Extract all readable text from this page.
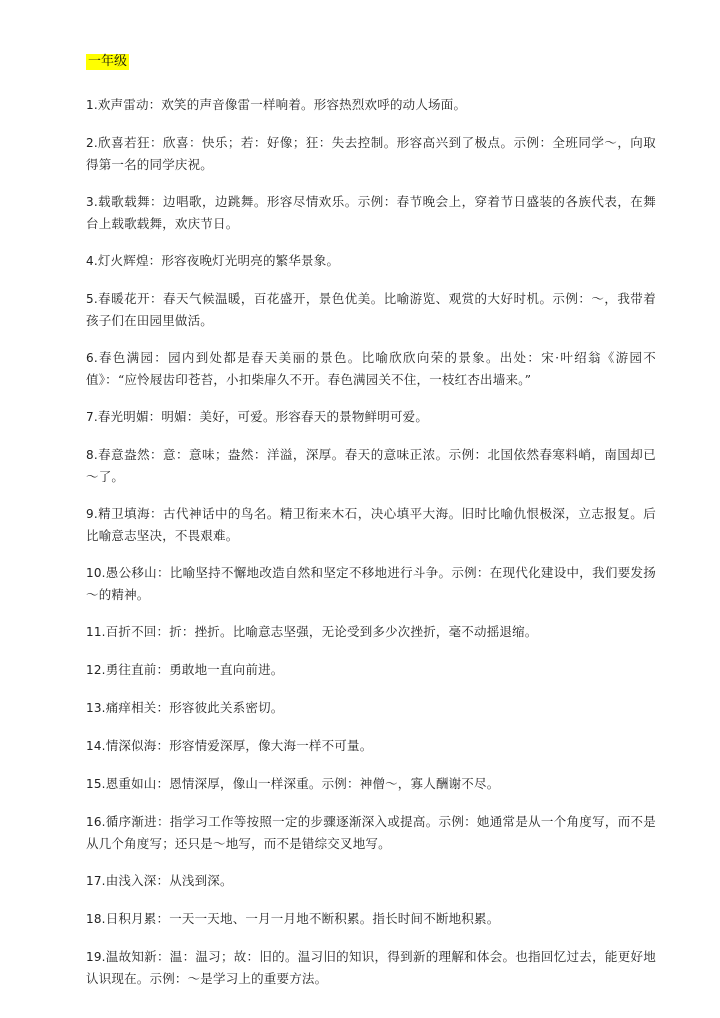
一年级

1.欢声雷动：欢笑的声音像雷一样响着。形容热烈欢呼的动人场面。

2.欣喜若狂：欣喜：快乐；若：好像；狂：失去控制。形容高兴到了极点。示例：全班同学～，向取得第一名的同学庆祝。

3.载歌载舞：边唱歌，边跳舞。形容尽情欢乐。示例：春节晚会上，穿着节日盛装的各族代表，在舞台上载歌载舞，欢庆节日。

4.灯火辉煌：形容夜晚灯光明亮的繁华景象。

5.春暖花开：春天气候温暖，百花盛开，景色优美。比喻游览、观赏的大好时机。示例：～，我带着孩子们在田园里做活。

6.春色满园：园内到处都是春天美丽的景色。比喻欣欣向荣的景象。出处：宋·叶绍翁《游园不值》：“应怜屐齿印苍苔，小扣柴扉久不开。春色满园关不住，一枝红杏出墙来。”

7.春光明媚：明媚：美好，可爱。形容春天的景物鲜明可爱。

8.春意盎然：意：意味；盎然：洋溢，深厚。春天的意味正浓。示例：北国依然春寒料峭，南国却已～了。

9.精卫填海：古代神话中的鸟名。精卫衔来木石，决心填平大海。旧时比喻仇恨极深，立志报复。后比喻意志坚决，不畏艰难。

10.愚公移山：比喻坚持不懈地改造自然和坚定不移地进行斗争。示例：在现代化建设中，我们要发扬～的精神。

11.百折不回：折：挫折。比喻意志坚强，无论受到多少次挫折，毫不动摇退缩。

12.勇往直前：勇敢地一直向前进。

13.痛痒相关：形容彼此关系密切。

14.情深似海：形容情爱深厚，像大海一样不可量。

15.恩重如山：恩情深厚，像山一样深重。示例：神僧～，寡人酬谢不尽。

16.循序渐进：指学习工作等按照一定的步骤逐渐深入或提高。示例：她通常是从一个角度写，而不是从几个角度写；还只是～地写，而不是错综交叉地写。

17.由浅入深：从浅到深。

18.日积月累：一天一天地、一月一月地不断积累。指长时间不断地积累。

19.温故知新：温：温习；故：旧的。温习旧的知识，得到新的理解和体会。也指回忆过去，能更好地认识现在。示例：～是学习上的重要方法。
